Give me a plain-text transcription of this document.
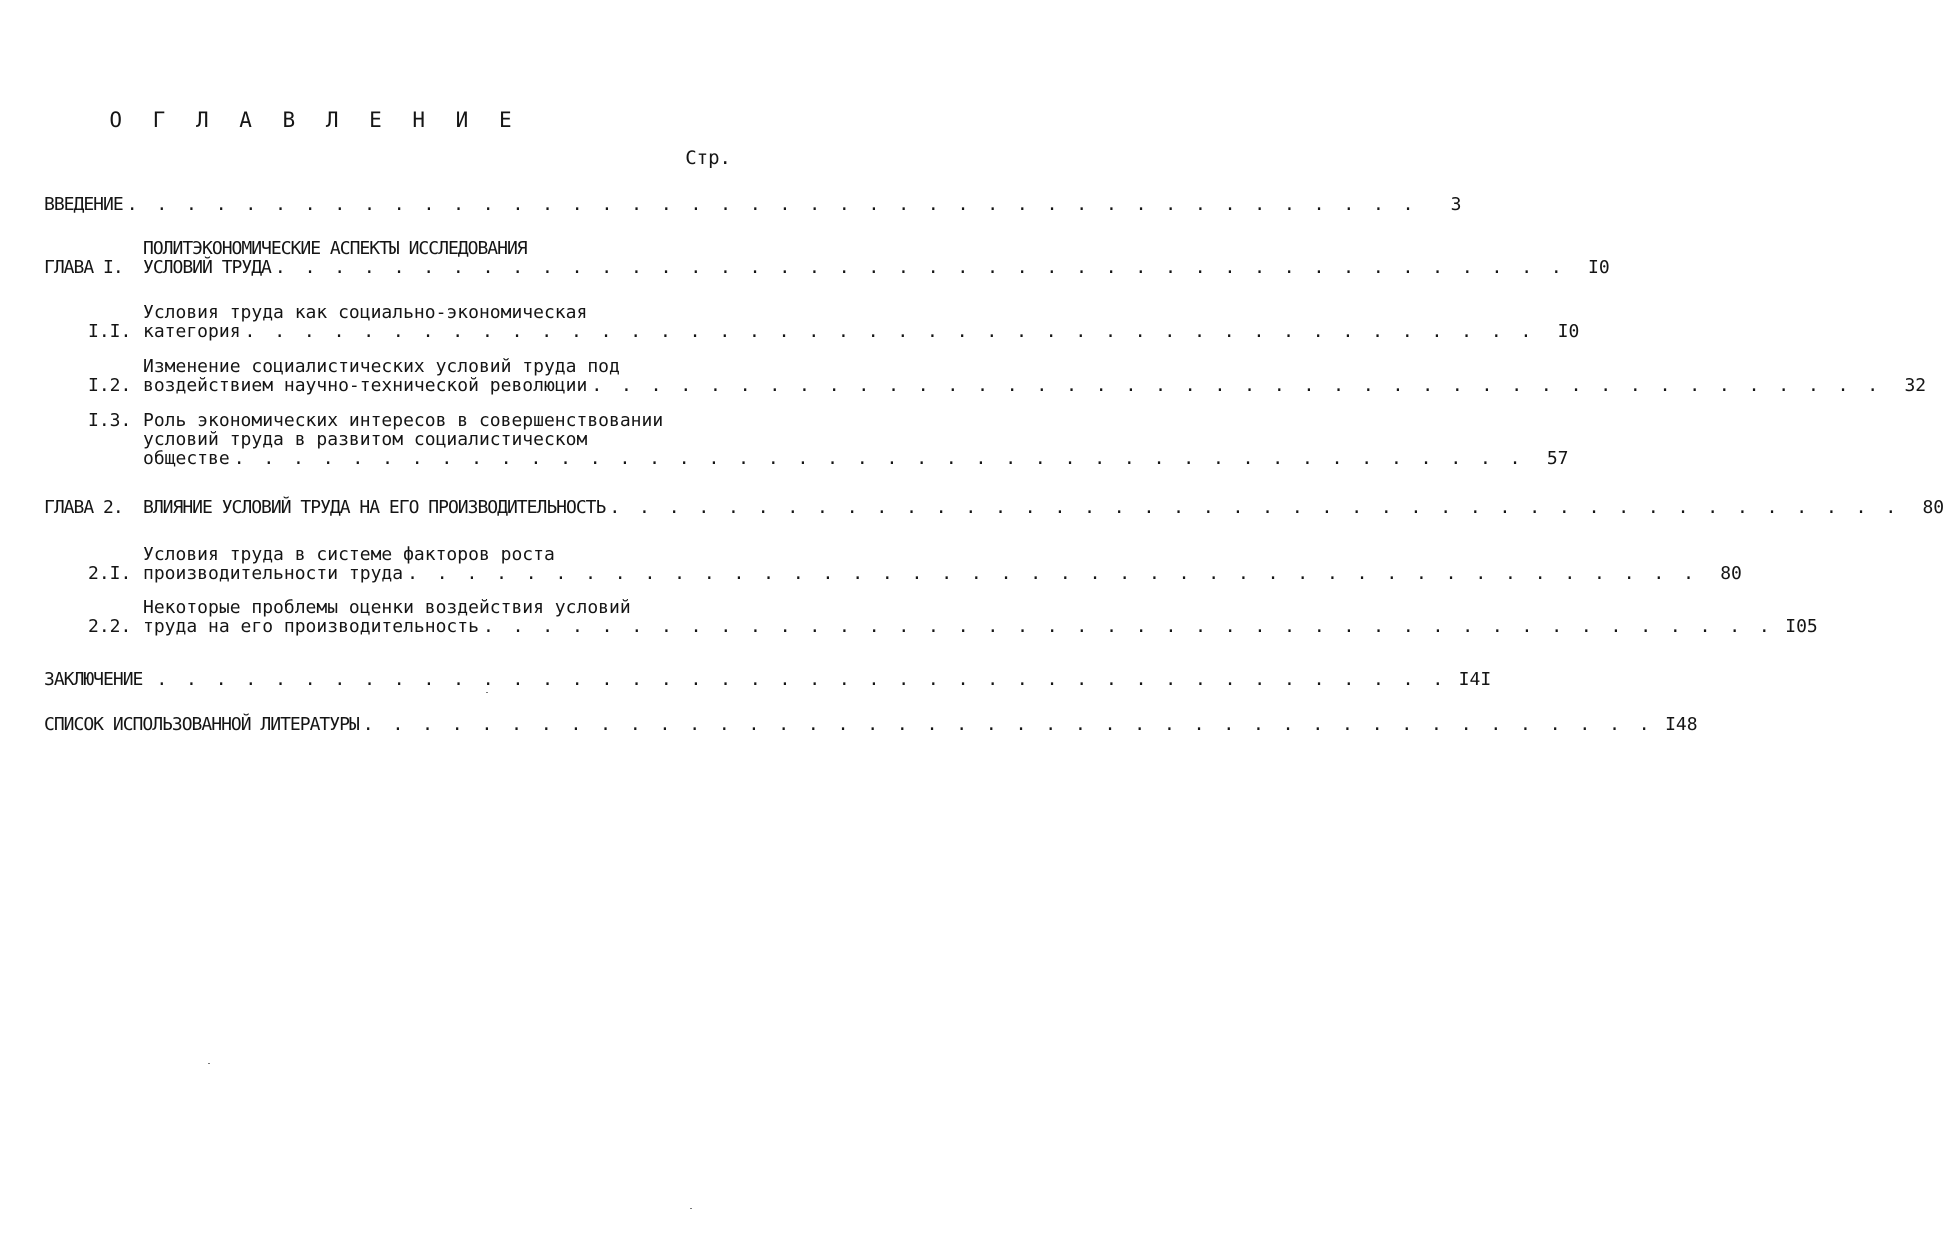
О Г Л А В Л Е Н И Е
Стр.
ВВЕДЕНИЕ . . . . . . . . . . . . . . . . . . . . . . . . . . . . . . . . . . . . . . . . . . . .	3
ГЛАВА I.
ПОЛИТЭКОНОМИЧЕСКИЕ АСПЕКТЫ ИССЛЕДОВАНИЯ
УСЛОВИЙ ТРУДА . . . . . . . . . . . . . . . . . . . . . . . . . . . . . . . . . . . . . . . . . . . .	I0
I.I.
Условия труда как социально-экономическая
категория . . . . . . . . . . . . . . . . . . . . . . . . . . . . . . . . . . . . . . . . . . . .	I0
I.2.
Изменение социалистических условий труда под
воздействием научно-технической революции . . . . . . . . . . . . . . . . . . . . . . . . . . . . . . . . . . . . . . . . . . . .	32
I.3. Роль экономических интересов в совершенствовании
условий труда в развитом социалистическом
обществе . . . . . . . . . . . . . . . . . . . . . . . . . . . . . . . . . . . . . . . . . . . .	57
ГЛАВА 2.	ВЛИЯНИЕ УСЛОВИЙ ТРУДА НА ЕГО ПРОИЗВОДИТЕЛЬНОСТЬ . . . . . . . . . . . . . . . . . . . . . . . . . . . . . . . . . . . . . . . . . . . .	80
2.I.
Условия труда в системе факторов роста
производительности труда . . . . . . . . . . . . . . . . . . . . . . . . . . . . . . . . . . . . . . . . . . . .	80
2.2.
Некоторые проблемы оценки воздействия условий
труда на его производительность . . . . . . . . . . . . . . . . . . . . . . . . . . . . . . . . . . . . . . . . . . . . I05
ЗАКЛЮЧЕНИЕ . . . . . . . . . . . . . . . . . . . . . . . . . . . . . . . . . . . . . . . . . . . . I4I
СПИСОК ИСПОЛЬЗОВАННОЙ ЛИТЕРАТУРЫ . . . . . . . . . . . . . . . . . . . . . . . . . . . . . . . . . . . . . . . . . . . . I48
